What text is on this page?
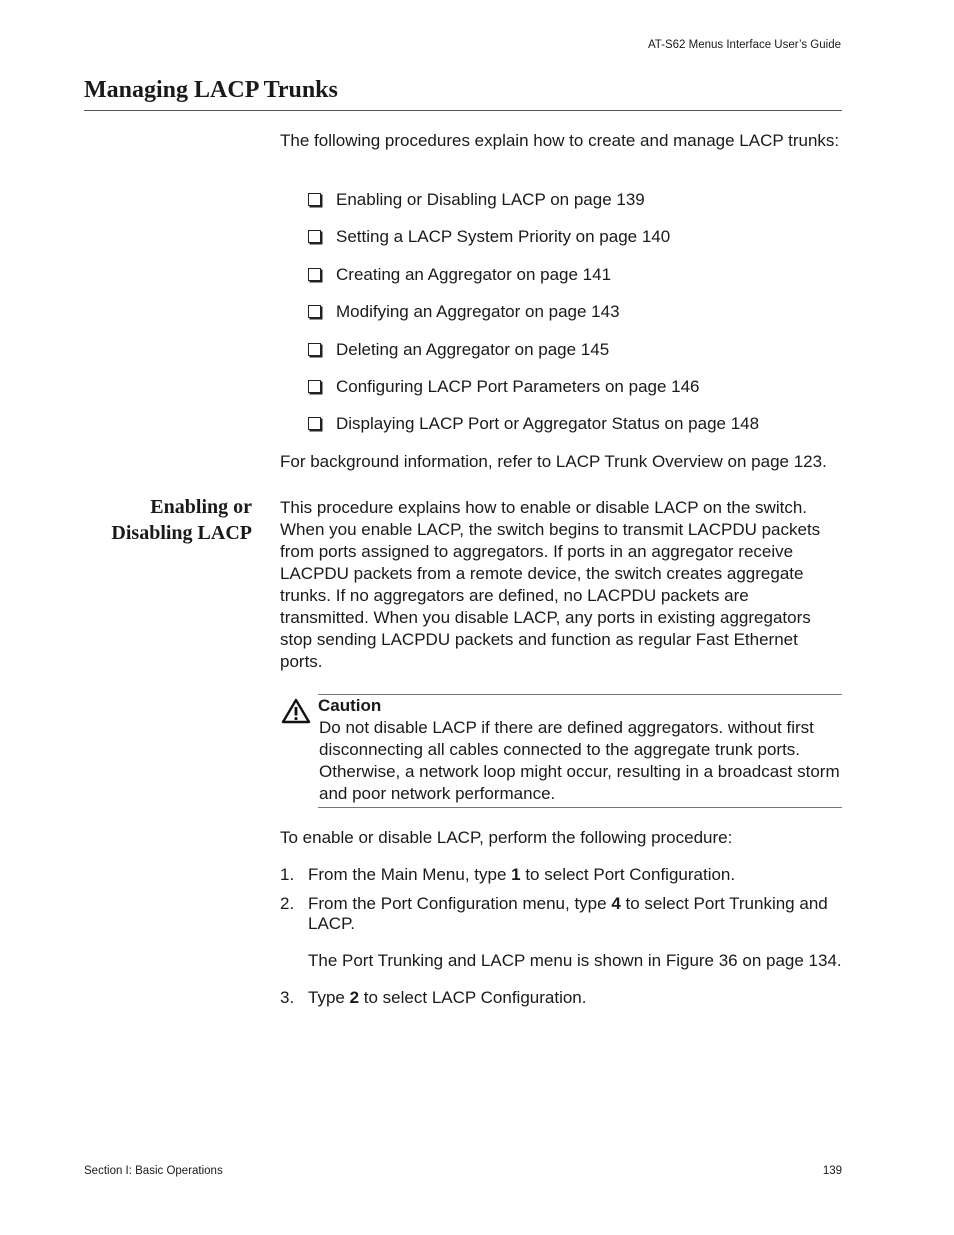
AT-S62 Menus Interface User’s Guide
Managing LACP Trunks
The following procedures explain how to create and manage LACP trunks:
Enabling or Disabling LACP on page 139
Setting a LACP System Priority on page 140
Creating an Aggregator on page 141
Modifying an Aggregator on page 143
Deleting an Aggregator on page 145
Configuring LACP Port Parameters on page 146
Displaying LACP Port or Aggregator Status on page 148
For background information, refer to LACP Trunk Overview on page 123.
Enabling or
Disabling LACP
This procedure explains how to enable or disable LACP on the switch. When you enable LACP, the switch begins to transmit LACPDU packets from ports assigned to aggregators. If ports in an aggregator receive LACPDU packets from a remote device, the switch creates aggregate trunks. If no aggregators are defined, no LACPDU packets are transmitted. When you disable LACP, any ports in existing aggregators stop sending LACPDU packets and function as regular Fast Ethernet ports.
Caution
Do not disable LACP if there are defined aggregators. without first disconnecting all cables connected to the aggregate trunk ports. Otherwise, a network loop might occur, resulting in a broadcast storm and poor network performance.
To enable or disable LACP, perform the following procedure:
1. From the Main Menu, type 1 to select Port Configuration.
2. From the Port Configuration menu, type 4 to select Port Trunking and LACP.
The Port Trunking and LACP menu is shown in Figure 36 on page 134.
3. Type 2 to select LACP Configuration.
Section I: Basic Operations	139
